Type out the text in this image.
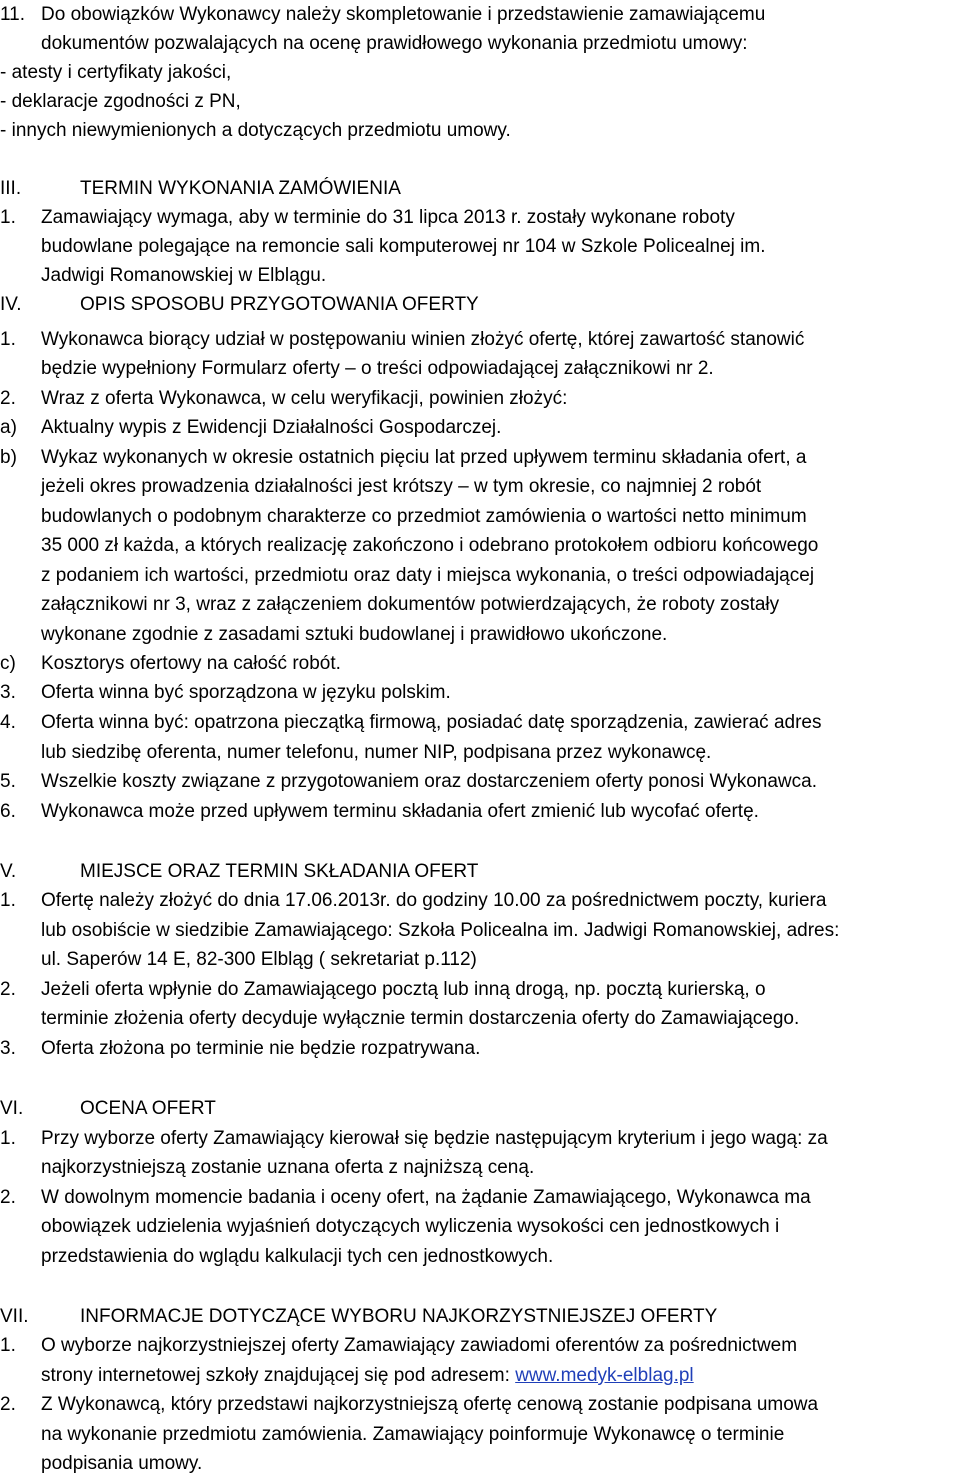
11. Do obowiązków Wykonawcy należy skompletowanie i przedstawienie zamawiającemu
dokumentów pozwalających na ocenę prawidłowego wykonania przedmiotu umowy:
- atesty i certyfikaty jakości,
- deklaracje zgodności z PN,
- innych niewymienionych a dotyczących przedmiotu umowy.
III.	TERMIN WYKONANIA ZAMÓWIENIA
1. Zamawiający wymaga, aby w terminie do 31 lipca 2013 r. zostały wykonane roboty
budowlane polegające na remoncie sali komputerowej nr 104 w Szkole Policealnej im.
Jadwigi Romanowskiej w Elblągu.
IV.	OPIS SPOSOBU PRZYGOTOWANIA OFERTY
1. Wykonawca biorący udział w postępowaniu winien złożyć ofertę, której zawartość stanowić
będzie wypełniony Formularz oferty – o treści odpowiadającej załącznikowi nr 2.
2. Wraz z oferta Wykonawca, w celu weryfikacji, powinien złożyć:
a) Aktualny wypis z Ewidencji Działalności Gospodarczej.
b) Wykaz wykonanych w okresie ostatnich pięciu lat przed upływem terminu składania ofert, a
jeżeli okres prowadzenia działalności jest krótszy – w tym okresie, co najmniej 2 robót
budowlanych o podobnym charakterze co przedmiot zamówienia o wartości netto minimum
35 000 zł każda, a których realizację zakończono i odebrano protokołem odbioru końcowego
z podaniem ich wartości, przedmiotu oraz daty i miejsca wykonania, o treści odpowiadającej
załącznikowi nr 3, wraz z załączeniem dokumentów potwierdzających, że roboty zostały
wykonane zgodnie z zasadami sztuki budowlanej i prawidłowo ukończone.
c) Kosztorys ofertowy na całość robót.
3. Oferta winna być sporządzona w języku polskim.
4. Oferta winna być: opatrzona pieczątką firmową, posiadać datę sporządzenia, zawierać adres
lub siedzibę oferenta, numer telefonu, numer NIP, podpisana przez wykonawcę.
5. Wszelkie koszty związane z przygotowaniem oraz dostarczeniem oferty ponosi Wykonawca.
6. Wykonawca może przed upływem terminu składania ofert zmienić lub wycofać ofertę.
V.	MIEJSCE ORAZ TERMIN SKŁADANIA OFERT
1. Ofertę należy złożyć do dnia 17.06.2013r. do godziny 10.00 za pośrednictwem poczty, kuriera
lub osobiście w siedzibie Zamawiającego: Szkoła Policealna im. Jadwigi Romanowskiej, adres:
ul. Saperów 14 E, 82-300 Elbląg ( sekretariat p.112)
2. Jeżeli oferta wpłynie do Zamawiającego pocztą lub inną drogą, np. pocztą kurierską, o
terminie złożenia oferty decyduje wyłącznie termin dostarczenia oferty do Zamawiającego.
3. Oferta złożona po terminie nie będzie rozpatrywana.
VI.	OCENA OFERT
1. Przy wyborze oferty Zamawiający kierował się będzie następującym kryterium i jego wagą: za
najkorzystniejszą zostanie uznana oferta z najniższą ceną.
2. W dowolnym momencie badania i oceny ofert, na żądanie Zamawiającego, Wykonawca ma
obowiązek udzielenia wyjaśnień dotyczących wyliczenia wysokości cen jednostkowych i
przedstawienia do wglądu kalkulacji tych cen jednostkowych.
VII.	INFORMACJE DOTYCZĄCE WYBORU NAJKORZYSTNIEJSZEJ OFERTY
1. O wyborze najkorzystniejszej oferty Zamawiający zawiadomi oferentów za pośrednictwem
strony internetowej szkoły znajdującej się pod adresem: www.medyk-elblag.pl
2. Z Wykonawcą, który przedstawi najkorzystniejszą ofertę cenową zostanie podpisana umowa
na wykonanie przedmiotu zamówienia. Zamawiający poinformuje Wykonawcę o terminie
podpisania umowy.
